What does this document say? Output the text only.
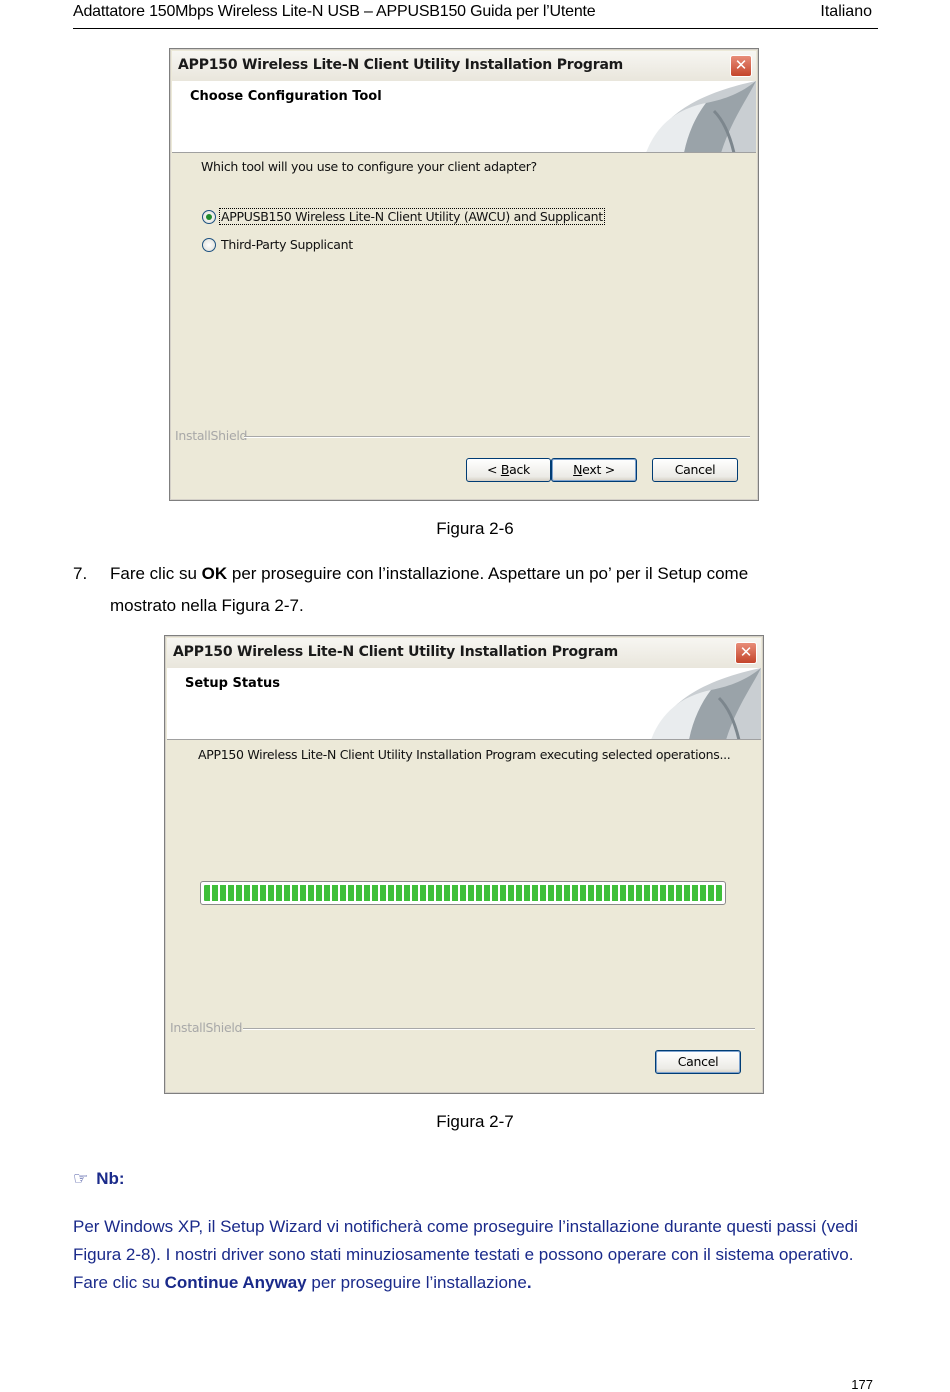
Adattatore 150Mbps Wireless Lite-N USB – APPUSB150 Guida per l’Utente	Italiano
APP150 Wireless Lite-N Client Utility Installation Program	✕
Choose Configuration Tool
Which tool will you use to configure your client adapter?
APPUSB150 Wireless Lite-N Client Utility (AWCU) and Supplicant
Third-Party Supplicant
InstallShield
< Back	Next >	Cancel
Figura 2-6
7. Fare clic su OK per proseguire con l’installazione. Aspettare un po’ per il Setup come
mostrato nella Figura 2-7.
APP150 Wireless Lite-N Client Utility Installation Program	✕
Setup Status
APP150 Wireless Lite-N Client Utility Installation Program executing selected operations...
InstallShield
Cancel
Figura 2-7
☞ Nb:
Per Windows XP, il Setup Wizard vi notificherà come proseguire l’installazione durante questi passi (vedi Figura 2-8). I nostri driver sono stati minuziosamente testati e possono operare con il sistema operativo. Fare clic su Continue Anyway per proseguire l’installazione.
177
